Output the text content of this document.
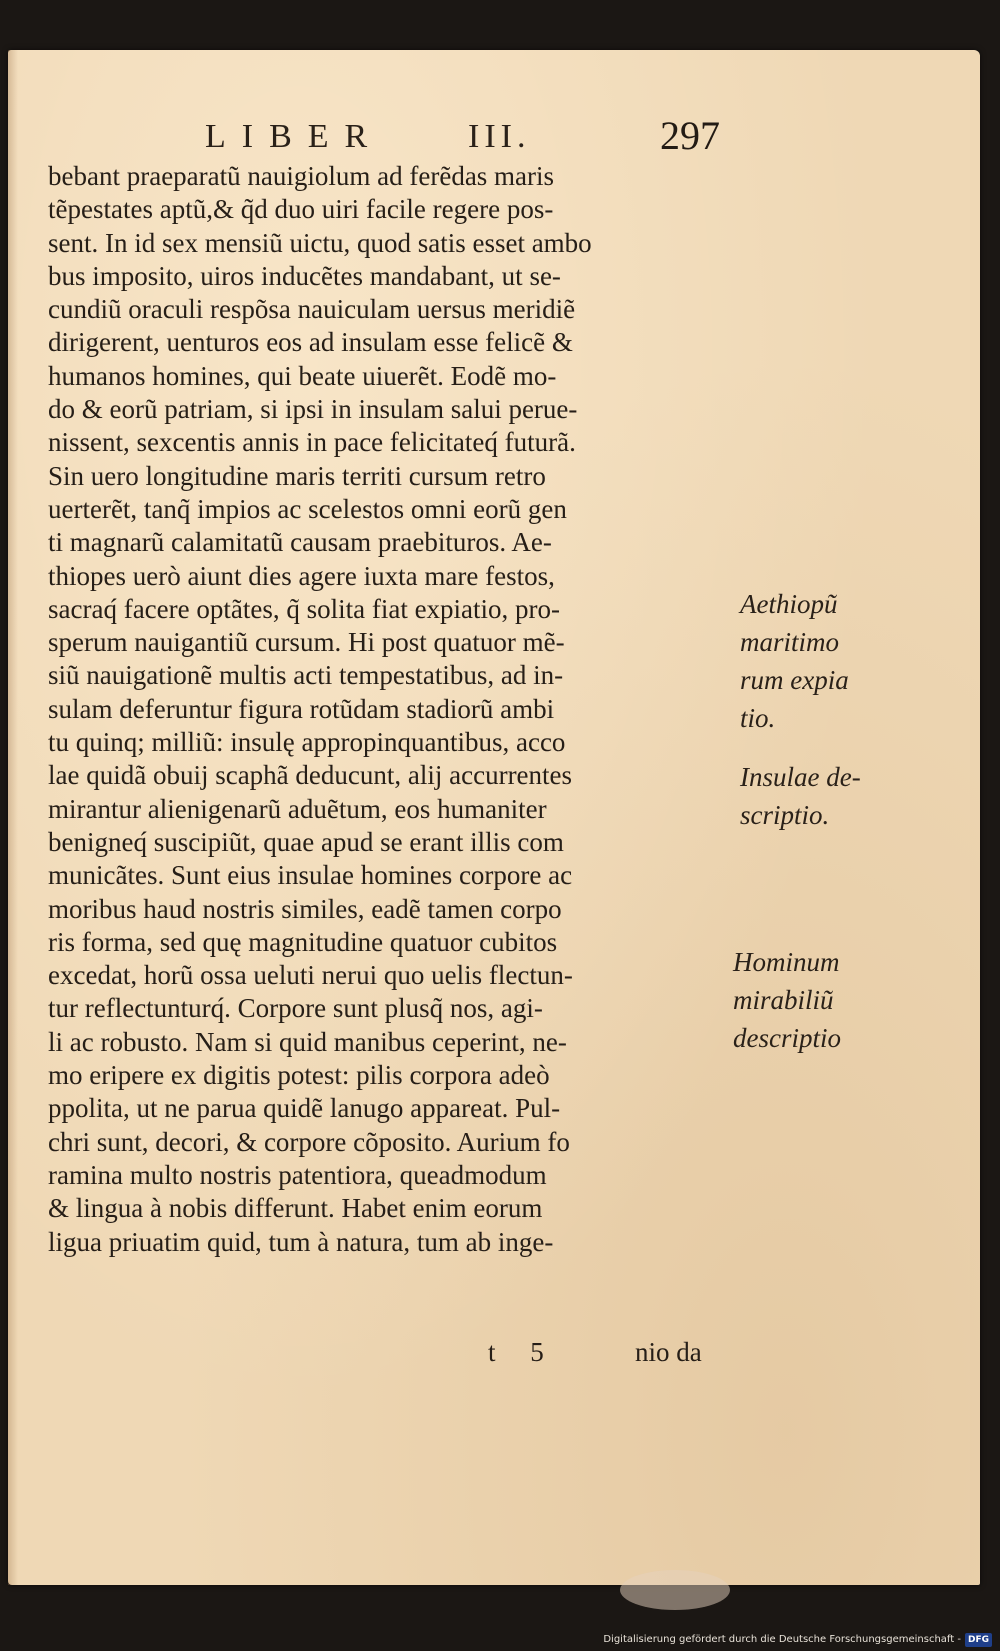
LIBER III.	297
bebant praeparatũ nauigiolum ad ferẽdas maris
tẽpestates aptũ,& q̃d duo uiri facile regere pos-
sent. In id sex mensiũ uictu, quod satis esset ambo
bus imposito, uiros inducẽtes mandabant, ut se-
cundiũ oraculi respõsa nauiculam uersus meridiẽ
dirigerent, uenturos eos ad insulam esse felicẽ &
humanos homines, qui beate uiuerẽt. Eodẽ mo-
do & eorũ patriam, si ipsi in insulam salui perue-
nissent, sexcentis annis in pace felicitateq́ futurã.
Sin uero longitudine maris territi cursum retro
uerterẽt, tanq̃ impios ac scelestos omni eorũ gen
ti magnarũ calamitatũ causam praebituros. Ae-
thiopes uerò aiunt dies agere iuxta mare festos,
sacraq́ facere optãtes, q̃ solita fiat expiatio, pro-
sperum nauigantiũ cursum. Hi post quatuor mẽ-
siũ nauigationẽ multis acti tempestatibus, ad in-
sulam deferuntur figura rotũdam stadiorũ ambi
tu quinq; milliũ: insulę appropinquantibus, acco
lae quidã obuij scaphã deducunt, alij accurrentes
mirantur alienigenarũ aduẽtum, eos humaniter
benigneq́ suscipiũt, quae apud se erant illis com
municãtes. Sunt eius insulae homines corpore ac
moribus haud nostris similes, eadẽ tamen corpo
ris forma, sed quę magnitudine quatuor cubitos
excedat, horũ ossa ueluti nerui quo uelis flectun-
tur reflectunturq́. Corpore sunt plusq̃ nos, agi-
li ac robusto. Nam si quid manibus ceperint, ne-
mo eripere ex digitis potest: pilis corpora adeò
ppolita, ut ne parua quidẽ lanugo appareat. Pul-
chri sunt, decori, & corpore cõposito. Aurium fo
ramina multo nostris patentiora, queadmodum
& lingua à nobis differunt. Habet enim eorum
ligua priuatim quid, tum à natura, tum ab inge-
Aethiopũ
maritimo
rum expia
tio.
Insulae de-
scriptio.
Hominum
mirabiliũ
descriptio
t 5	nio da
Digitalisierung gefördert durch die Deutsche Forschungsgemeinschaft - DFG
